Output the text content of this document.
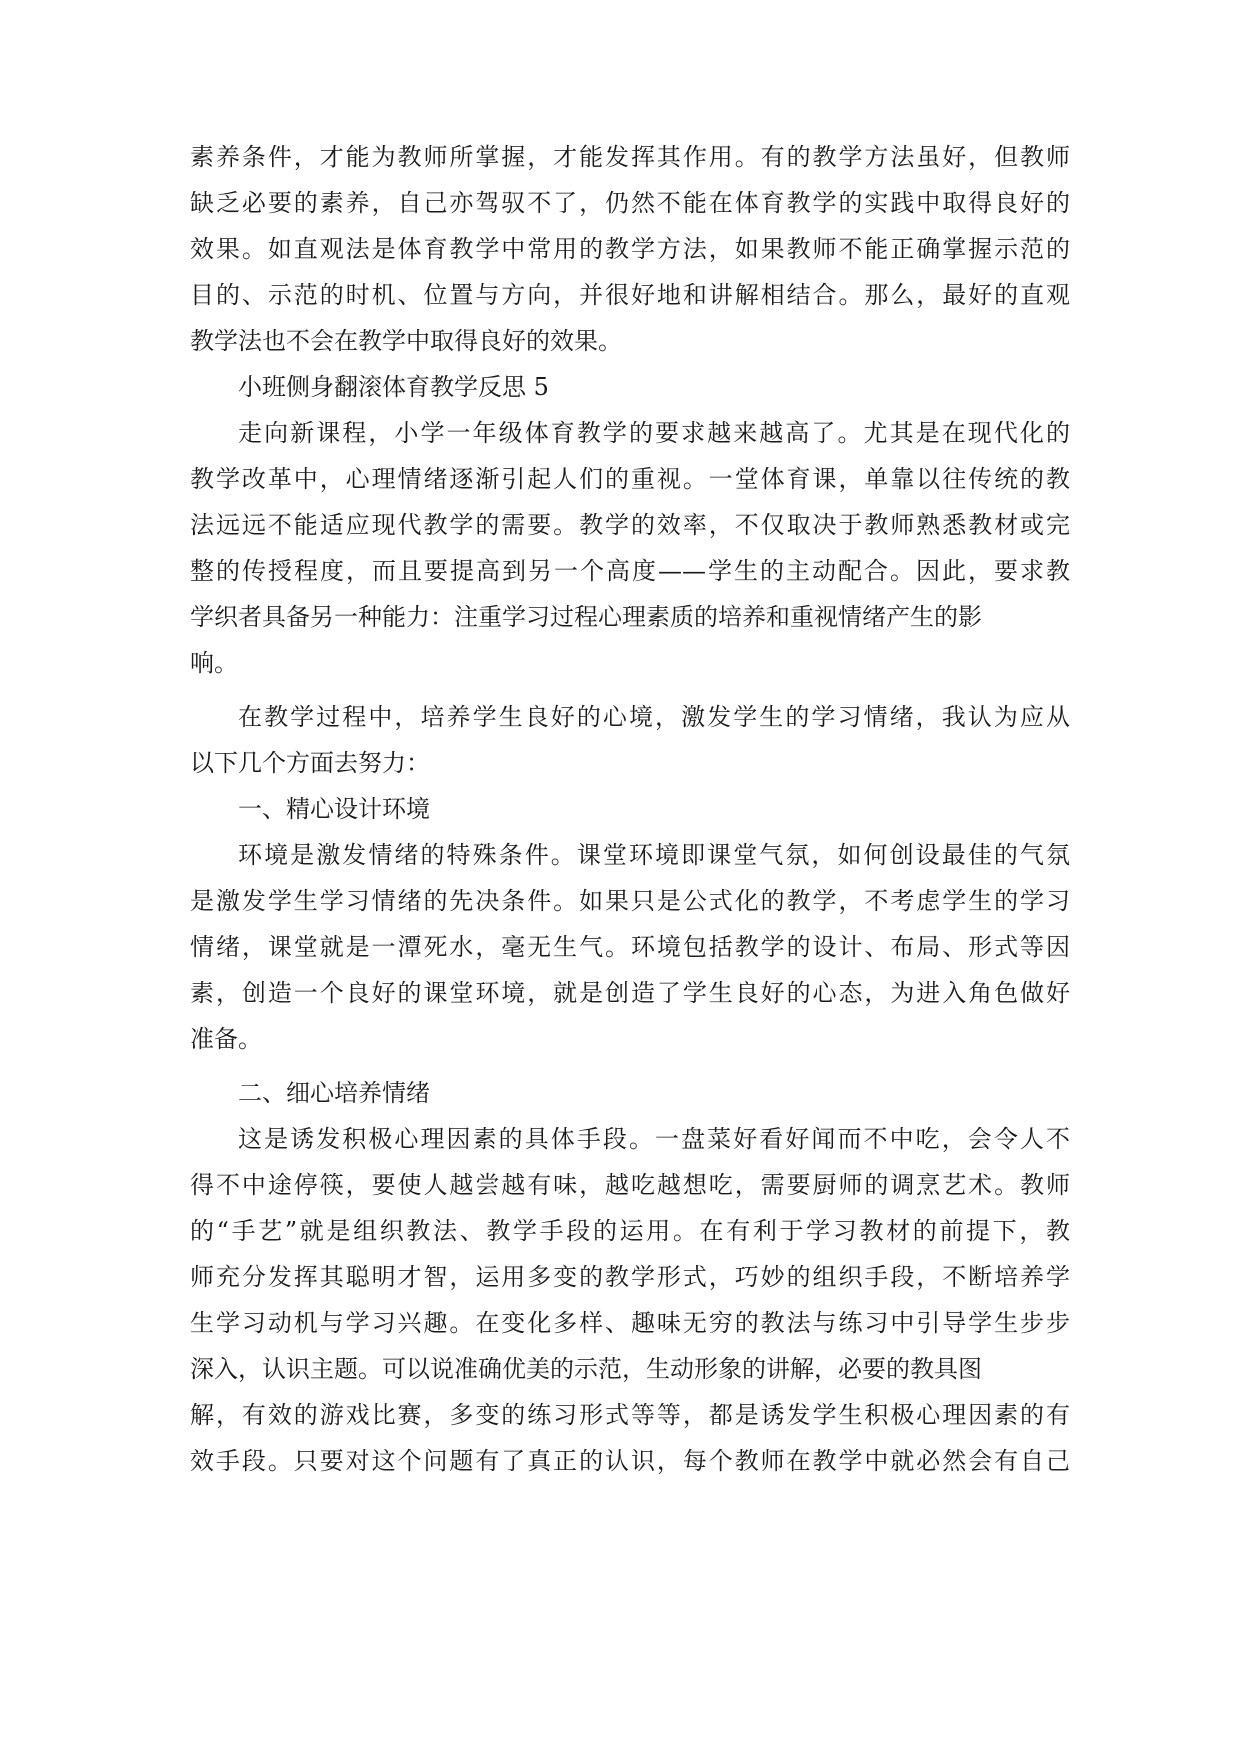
素养条件，才能为教师所掌握，才能发挥其作用。有的教学方法虽好，但教师
缺乏必要的素养，自己亦驾驭不了，仍然不能在体育教学的实践中取得良好的
效果。如直观法是体育教学中常用的教学方法，如果教师不能正确掌握示范的
目的、示范的时机、位置与方向，并很好地和讲解相结合。那么，最好的直观
教学法也不会在教学中取得良好的效果。
小班侧身翻滚体育教学反思 5
走向新课程，小学一年级体育教学的要求越来越高了。尤其是在现代化的
教学改革中，心理情绪逐渐引起人们的重视。一堂体育课，单靠以往传统的教
法远远不能适应现代教学的需要。教学的效率，不仅取决于教师熟悉教材或完
整的传授程度，而且要提高到另一个高度——学生的主动配合。因此，要求教
学织者具备另一种能力：注重学习过程心理素质的培养和重视情绪产生的影
响。
在教学过程中，培养学生良好的心境，激发学生的学习情绪，我认为应从
以下几个方面去努力：
一、精心设计环境
环境是激发情绪的特殊条件。课堂环境即课堂气氛，如何创设最佳的气氛
是激发学生学习情绪的先决条件。如果只是公式化的教学，不考虑学生的学习
情绪，课堂就是一潭死水，毫无生气。环境包括教学的设计、布局、形式等因
素，创造一个良好的课堂环境，就是创造了学生良好的心态，为进入角色做好
准备。
二、细心培养情绪
这是诱发积极心理因素的具体手段。一盘菜好看好闻而不中吃，会令人不
得不中途停筷，要使人越尝越有味，越吃越想吃，需要厨师的调烹艺术。教师
的“手艺”就是组织教法、教学手段的运用。在有利于学习教材的前提下，教
师充分发挥其聪明才智，运用多变的教学形式，巧妙的组织手段，不断培养学
生学习动机与学习兴趣。在变化多样、趣味无穷的教法与练习中引导学生步步
深入，认识主题。可以说准确优美的示范，生动形象的讲解，必要的教具图
解，有效的游戏比赛，多变的练习形式等等，都是诱发学生积极心理因素的有
效手段。只要对这个问题有了真正的认识，每个教师在教学中就必然会有自己
